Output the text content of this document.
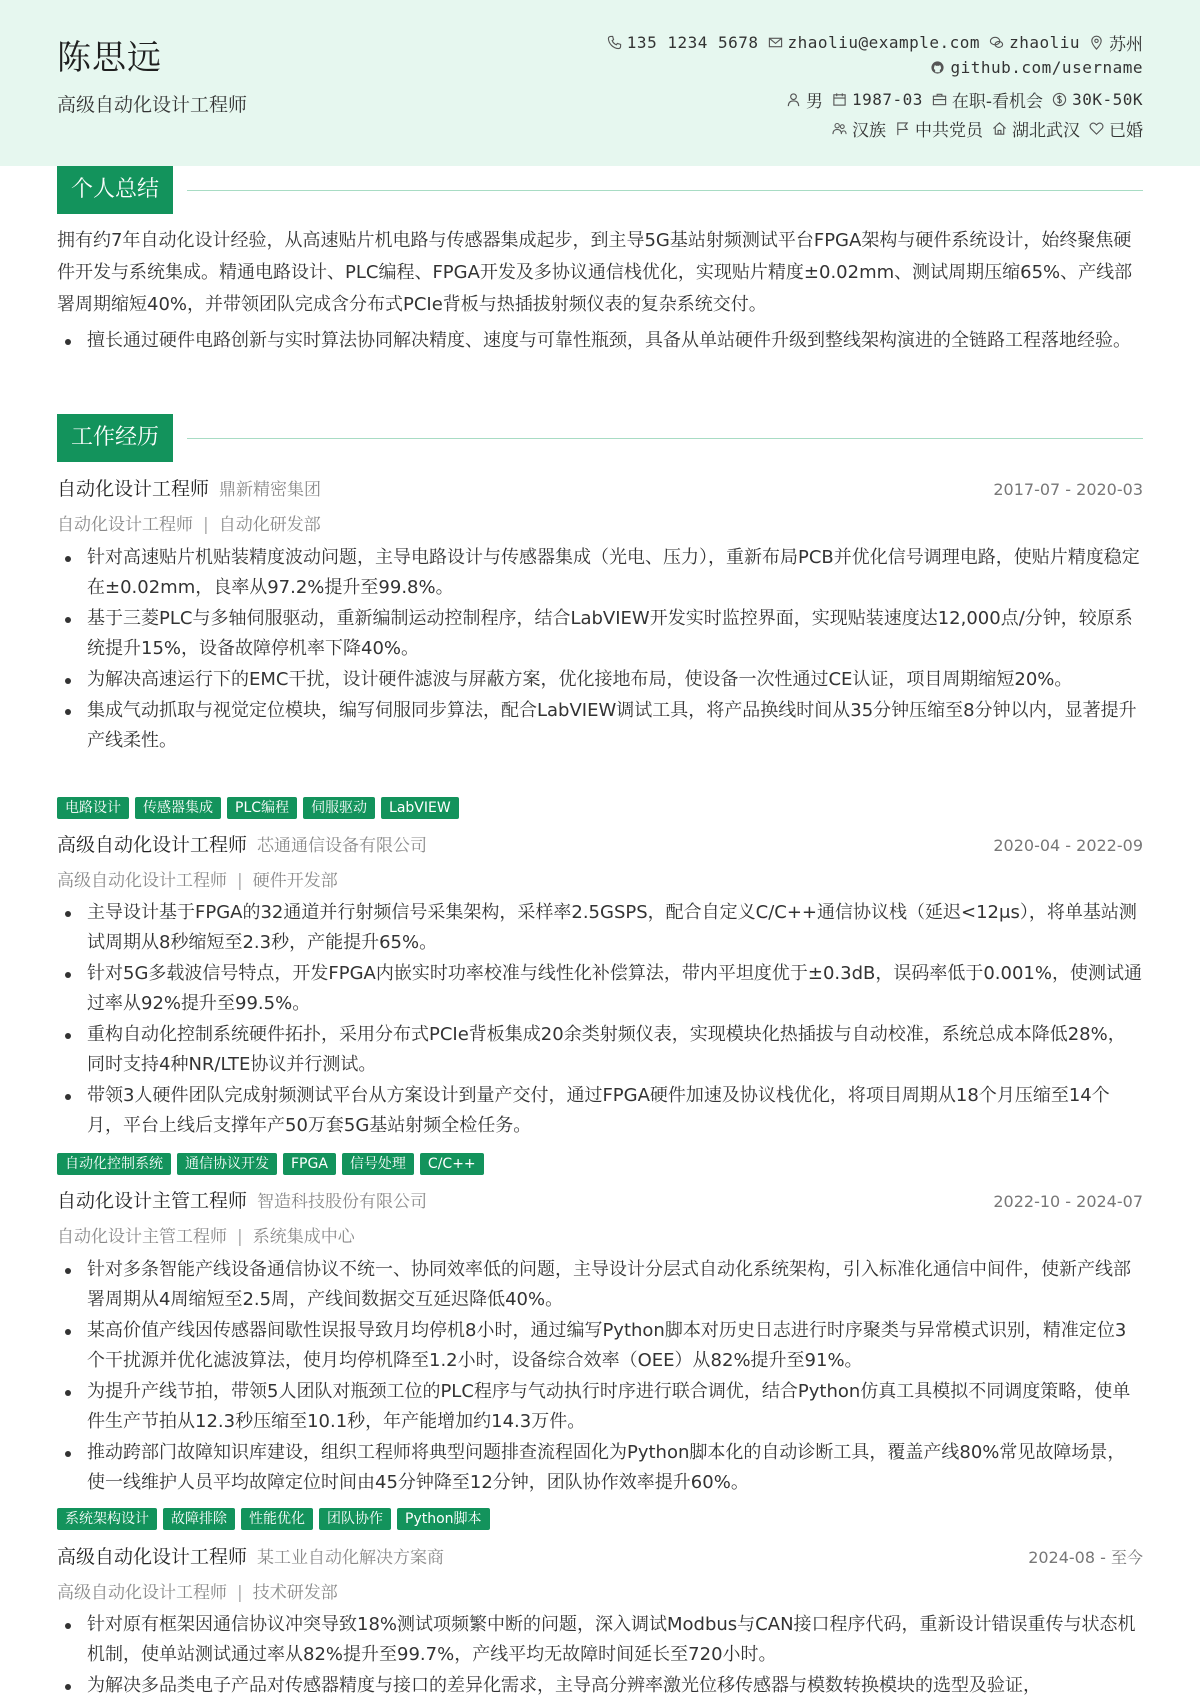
陈思远
高级自动化设计工程师
135 1234 5678 zhaoliu@example.com zhaoliu 苏州
github.com/username
男 1987-03 在职-看机会 30K-50K
汉族 中共党员 湖北武汉 已婚
个人总结

拥有约7年自动化设计经验，从高速贴片机电路与传感器集成起步，到主导5G基站射频测试平台FPGA架构与硬件系统设计，始终聚焦硬件开发与系统集成。精通电路设计、PLC编程、FPGA开发及多协议通信栈优化，实现贴片精度±0.02mm、测试周期压缩65%、产线部署周期缩短40%，并带领团队完成含分布式PCIe背板与热插拔射频仪表的复杂系统交付。

擅长通过硬件电路创新与实时算法协同解决精度、速度与可靠性瓶颈，具备从单站硬件升级到整线架构演进的全链路工程落地经验。
工作经历
自动化设计工程师 鼎新精密集团	2017-07 - 2020-03
自动化设计工程师 | 自动化研发部
针对高速贴片机贴装精度波动问题，主导电路设计与传感器集成（光电、压力），重新布局PCB并优化信号调理电路，使贴片精度稳定在±0.02mm，良率从97.2%提升至99.8%。
基于三菱PLC与多轴伺服驱动，重新编制运动控制程序，结合LabVIEW开发实时监控界面，实现贴装速度达12,000点/分钟，较原系统提升15%，设备故障停机率下降40%。
为解决高速运行下的EMC干扰，设计硬件滤波与屏蔽方案，优化接地布局，使设备一次性通过CE认证，项目周期缩短20%。
集成气动抓取与视觉定位模块，编写伺服同步算法，配合LabVIEW调试工具，将产品换线时间从35分钟压缩至8分钟以内，显著提升产线柔性。
电路设计	传感器集成	PLC编程	伺服驱动	LabVIEW
高级自动化设计工程师 芯通通信设备有限公司	2020-04 - 2022-09
高级自动化设计工程师 | 硬件开发部
主导设计基于FPGA的32通道并行射频信号采集架构，采样率2.5GSPS，配合自定义C/C++通信协议栈（延迟<12μs），将单基站测试周期从8秒缩短至2.3秒，产能提升65%。
针对5G多载波信号特点，开发FPGA内嵌实时功率校准与线性化补偿算法，带内平坦度优于±0.3dB，误码率低于0.001%，使测试通过率从92%提升至99.5%。
重构自动化控制系统硬件拓扑，采用分布式PCIe背板集成20余类射频仪表，实现模块化热插拔与自动校准，系统总成本降低28%，同时支持4种NR/LTE协议并行测试。
带领3人硬件团队完成射频测试平台从方案设计到量产交付，通过FPGA硬件加速及协议栈优化，将项目周期从18个月压缩至14个月，平台上线后支撑年产50万套5G基站射频全检任务。
自动化控制系统	通信协议开发	FPGA	信号处理	C/C++
自动化设计主管工程师 智造科技股份有限公司	2022-10 - 2024-07
自动化设计主管工程师 | 系统集成中心
针对多条智能产线设备通信协议不统一、协同效率低的问题，主导设计分层式自动化系统架构，引入标准化通信中间件，使新产线部署周期从4周缩短至2.5周，产线间数据交互延迟降低40%。
某高价值产线因传感器间歇性误报导致月均停机8小时，通过编写Python脚本对历史日志进行时序聚类与异常模式识别，精准定位3个干扰源并优化滤波算法，使月均停机降至1.2小时，设备综合效率（OEE）从82%提升至91%。
为提升产线节拍，带领5人团队对瓶颈工位的PLC程序与气动执行时序进行联合调优，结合Python仿真工具模拟不同调度策略，使单件生产节拍从12.3秒压缩至10.1秒，年产能增加约14.3万件。
推动跨部门故障知识库建设，组织工程师将典型问题排查流程固化为Python脚本化的自动诊断工具，覆盖产线80%常见故障场景，使一线维护人员平均故障定位时间由45分钟降至12分钟，团队协作效率提升60%。
系统架构设计	故障排除	性能优化	团队协作	Python脚本
高级自动化设计工程师 某工业自动化解决方案商	2024-08 - 至今
高级自动化设计工程师 | 技术研发部
针对原有框架因通信协议冲突导致18%测试项频繁中断的问题，深入调试Modbus与CAN接口程序代码，重新设计错误重传与状态机机制，使单站测试通过率从82%提升至99.7%，产线平均无故障时间延长至720小时。
为解决多品类电子产品对传感器精度与接口的差异化需求，主导高分辨率激光位移传感器与模数转换模块的选型及验证，
